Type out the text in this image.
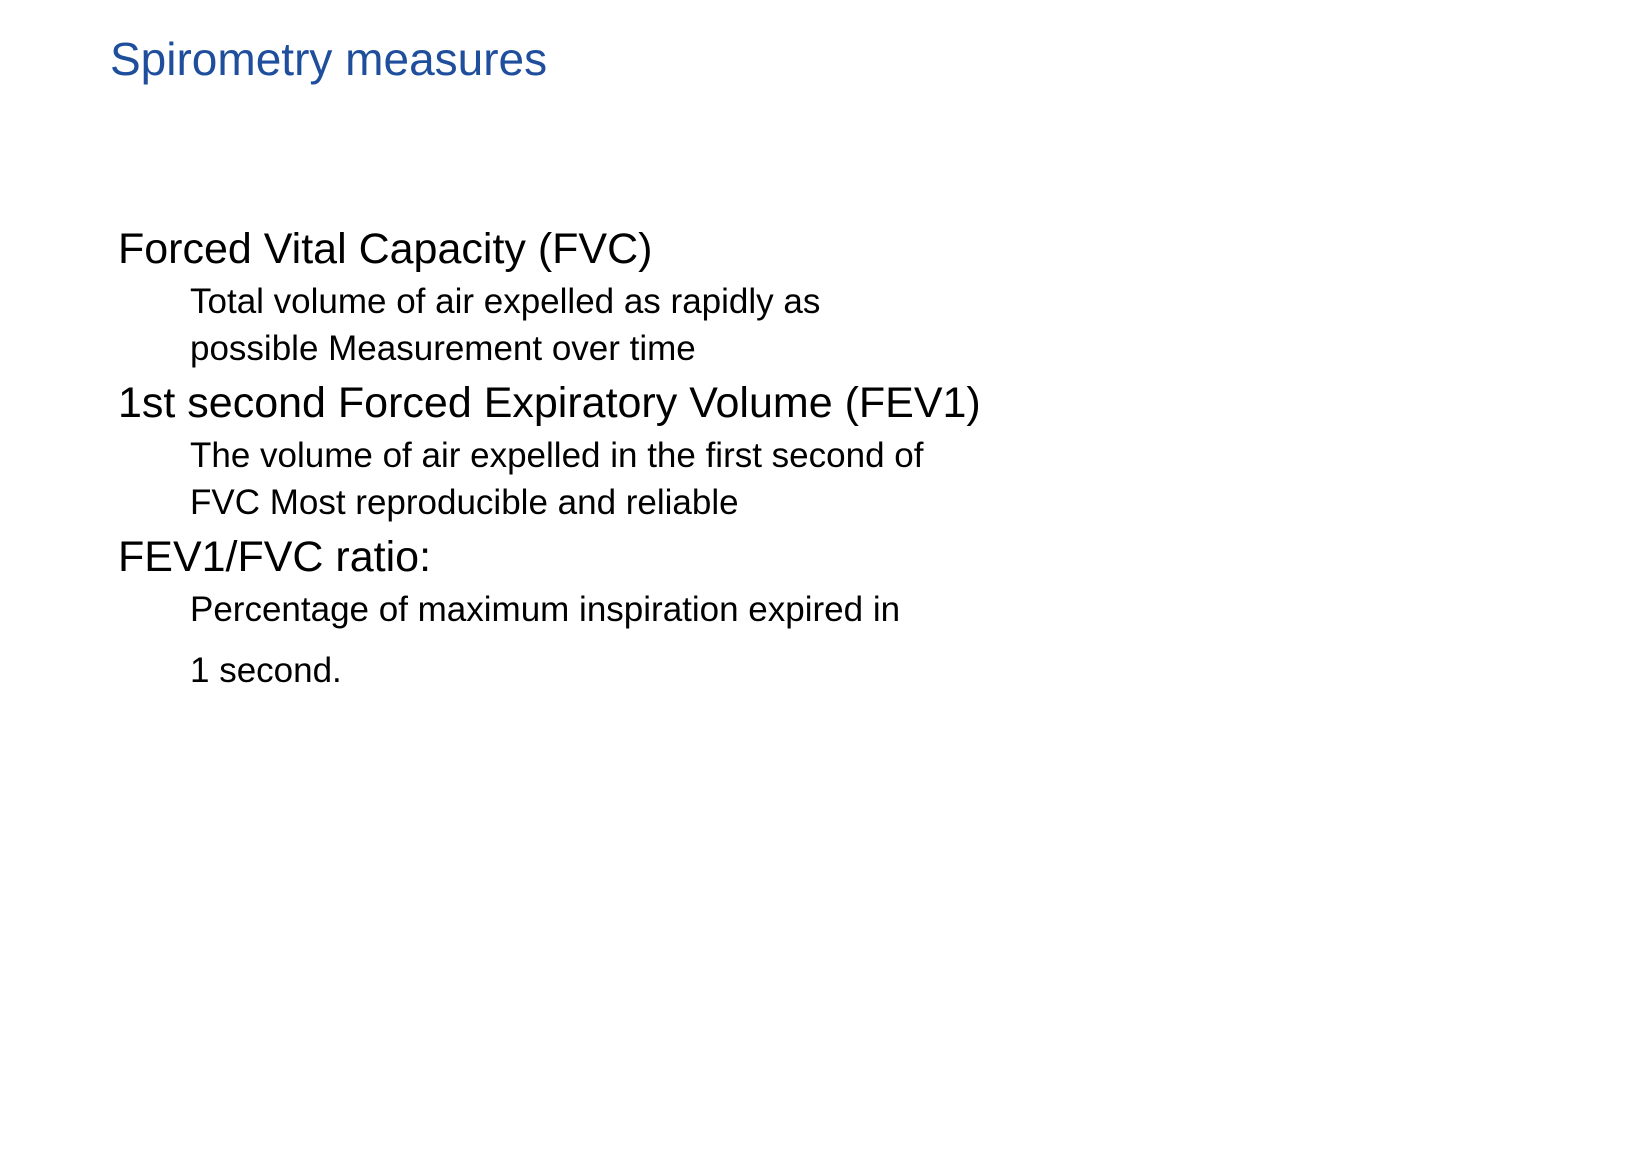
Spirometry measures
Forced Vital Capacity (FVC)
Total volume of air expelled as rapidly as
possible Measurement over time
1st second Forced Expiratory Volume (FEV1)
The volume of air expelled in the first second of
FVC Most reproducible and reliable
FEV1/FVC ratio:
Percentage of maximum inspiration expired in
1 second.
